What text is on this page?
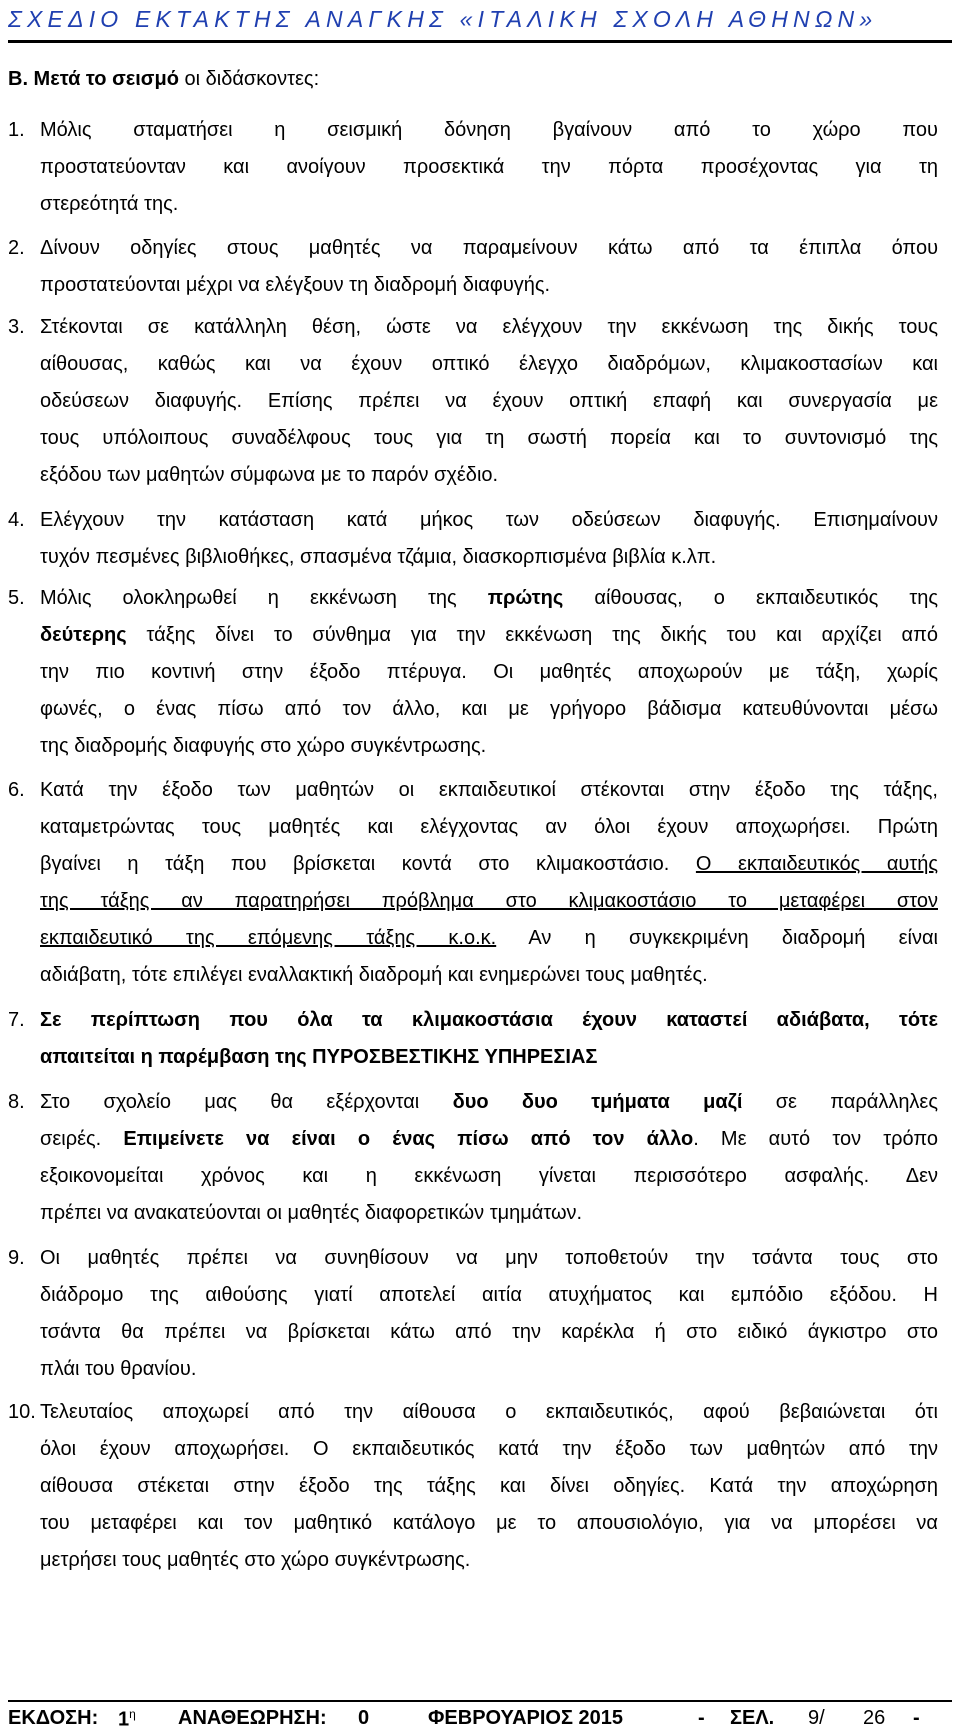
ΣΧΕΔΙΟ ΕΚΤΑΚΤΗΣ ΑΝΑΓΚΗΣ «ΙΤΑΛΙΚΗ ΣΧΟΛΗ ΑΘΗΝΩΝ»
Β. Μετά το σεισμό οι διδάσκοντες:
1. Μόλις σταματήσει η σεισμική δόνηση βγαίνουν από το χώρο που
προστατεύονταν και ανοίγουν προσεκτικά την πόρτα προσέχοντας για τη
στερεότητά της.
2. Δίνουν οδηγίες στους μαθητές να παραμείνουν κάτω από τα έπιπλα όπου
προστατεύονται μέχρι να ελέγξουν τη διαδρομή διαφυγής.
3. Στέκονται σε κατάλληλη θέση, ώστε να ελέγχουν την εκκένωση της δικής τους
αίθουσας, καθώς και να έχουν οπτικό έλεγχο διαδρόμων, κλιμακοστασίων και
οδεύσεων διαφυγής. Επίσης πρέπει να έχουν οπτική επαφή και συνεργασία με
τους υπόλοιπους συναδέλφους τους για τη σωστή πορεία και το συντονισμό της
εξόδου των μαθητών σύμφωνα με το παρόν σχέδιο.
4. Ελέγχουν την κατάσταση κατά μήκος των οδεύσεων διαφυγής. Επισημαίνουν
τυχόν πεσμένες βιβλιοθήκες, σπασμένα τζάμια, διασκορπισμένα βιβλία κ.λπ.
5. Μόλις ολοκληρωθεί η εκκένωση της πρώτης αίθουσας, ο εκπαιδευτικός της
δεύτερης τάξης δίνει το σύνθημα για την εκκένωση της δικής του και αρχίζει από
την πιο κοντινή στην έξοδο πτέρυγα. Οι μαθητές αποχωρούν με τάξη, χωρίς
φωνές, ο ένας πίσω από τον άλλο, και με γρήγορο βάδισμα κατευθύνονται μέσω
της διαδρομής διαφυγής στο χώρο συγκέντρωσης.
6. Κατά την έξοδο των μαθητών οι εκπαιδευτικοί στέκονται στην έξοδο της τάξης,
καταμετρώντας τους μαθητές και ελέγχοντας αν όλοι έχουν αποχωρήσει. Πρώτη
βγαίνει η τάξη που βρίσκεται κοντά στο κλιμακοστάσιο. Ο εκπαιδευτικός αυτής
της τάξης αν παρατηρήσει πρόβλημα στο κλιμακοστάσιο το μεταφέρει στον
εκπαιδευτικό της επόμενης τάξης κ.ο.κ. Αν η συγκεκριμένη διαδρομή είναι
αδιάβατη, τότε επιλέγει εναλλακτική διαδρομή και ενημερώνει τους μαθητές.
7. Σε περίπτωση που όλα τα κλιμακοστάσια έχουν καταστεί αδιάβατα, τότε
απαιτείται η παρέμβαση της ΠΥΡΟΣΒΕΣΤΙΚΗΣ ΥΠΗΡΕΣΙΑΣ
8. Στο σχολείο μας θα εξέρχονται δυο δυο τμήματα μαζί σε παράλληλες
σειρές. Επιμείνετε να είναι ο ένας πίσω από τον άλλο. Με αυτό τον τρόπο
εξοικονομείται χρόνος και η εκκένωση γίνεται περισσότερο ασφαλής. Δεν
πρέπει να ανακατεύονται οι μαθητές διαφορετικών τμημάτων.
9. Οι μαθητές πρέπει να συνηθίσουν να μην τοποθετούν την τσάντα τους στο
διάδρομο της αιθούσης γιατί αποτελεί αιτία ατυχήματος και εμπόδιο εξόδου. Η
τσάντα θα πρέπει να βρίσκεται κάτω από την καρέκλα ή στο ειδικό άγκιστρο στο
πλάι του θρανίου.
10. Τελευταίος αποχωρεί από την αίθουσα ο εκπαιδευτικός, αφού βεβαιώνεται ότι
όλοι έχουν αποχωρήσει. Ο εκπαιδευτικός κατά την έξοδο των μαθητών από την
αίθουσα στέκεται στην έξοδο της τάξης και δίνει οδηγίες. Κατά την αποχώρηση
του μεταφέρει και τον μαθητικό κατάλογο με το απουσιολόγιο, για να μπορέσει να
μετρήσει τους μαθητές στο χώρο συγκέντρωσης.
ΕΚΔΟΣΗ: $1^\eta$ ΑΝΑΘΕΩΡΗΣΗ: 0	ΦΕΒΡΟΥΑΡΙΟΣ 2015	- ΣΕΛ. 9/ 26 -
